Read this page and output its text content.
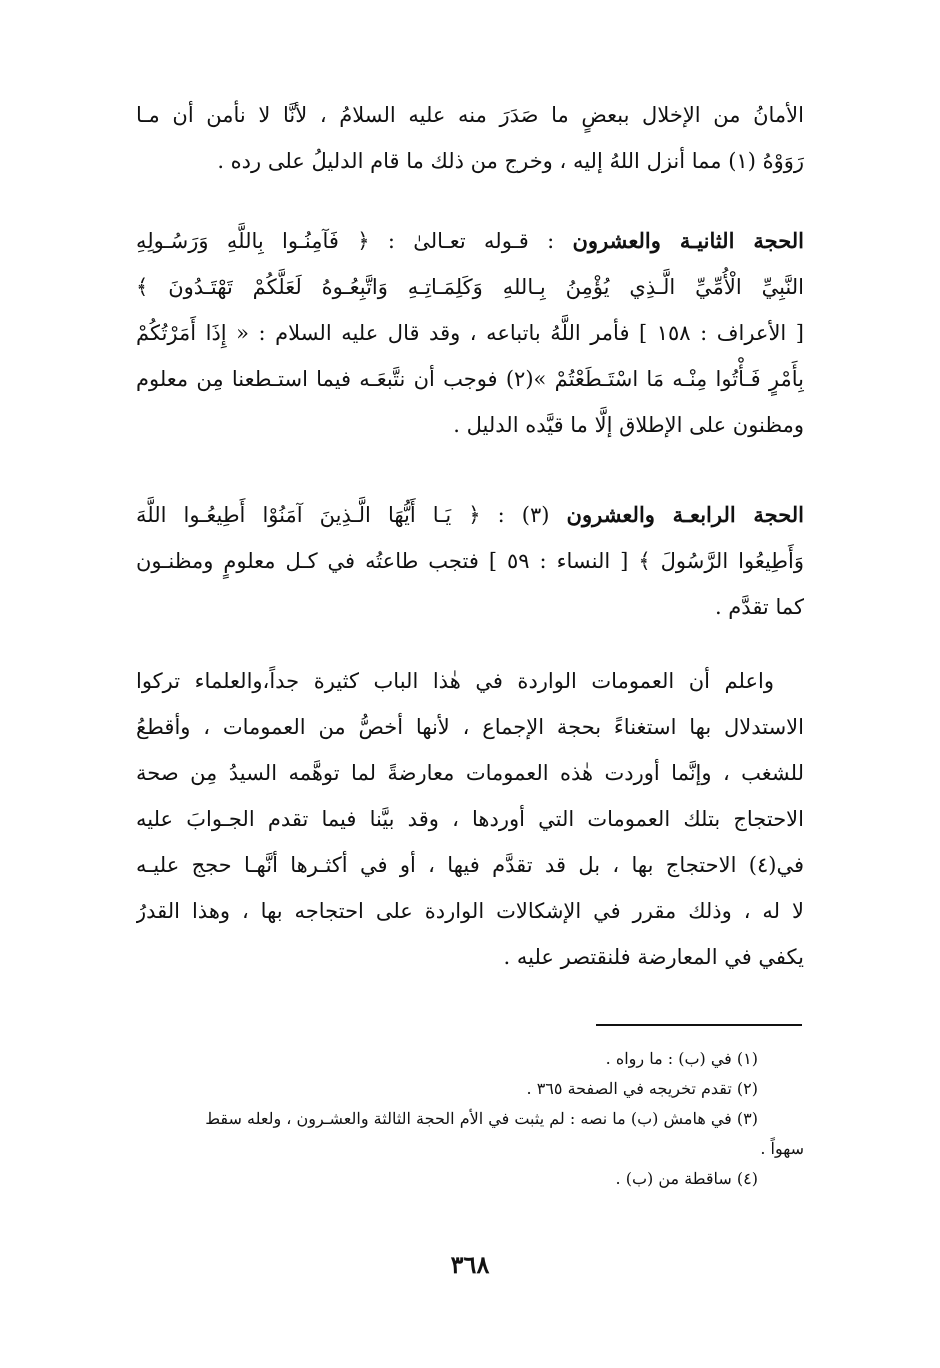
الأمانُ من الإخلال ببعضٍ ما صَدَرَ منه عليه السلامُ ، لأنَّا لا نأمن أن مـا
رَوَوْهُ (١) مما أنزل اللهُ إليه ، وخرج من ذلك ما قام الدليلُ على رده .
الحجة الثانيـة والعشرون : قـوله تعـالىٰ : ﴿ فَآمِنُـوا بِاللَّهِ وَرَسُـولِهِ
النَّبِيِّ الْأُمِّيِّ الَّـذِي يُؤْمِنُ بِـاللهِ وَكَلِمَـاتِـهِ وَاتَّبِعُـوهُ لَعَلَّكُمْ تَهْتَـدُونَ ﴾
[ الأعراف : ١٥٨ ] فأمر اللَّهُ باتباعه ، وقد قال عليه السلام : « إِذَا أَمَرْتُكُمْ
بِأَمْرٍ فَـأْتُوا مِنْـه مَا اسْتَـطَعْتُمْ »(٢) فوجب أن نتَّبعَـه فيما استـطعنا مِن معلوم
ومظنون على الإطلاق إلَّا ما قيَّده الدليل .
الحجة الرابعـة والعشرون (٣) : ﴿ يَـا أَيُّهَا الَّـذِينَ آمَنُوْا أَطِيعُـوا اللَّهَ
وَأَطِيعُوا الرَّسُولَ ﴾ [ النساء : ٥٩ ] فتجب طاعتُه في كـل معلومٍ ومظنـون
كما تقدَّم .
واعلم أن العمومات الواردة في هٰذا الباب كثيرة جداً،والعلماء تركوا
الاستدلال بها استغناءً بحجة الإجماع ، لأنها أخصُّ من العمومات ، وأقطعُ
للشغب ، وإنَّما أوردت هٰذه العمومات معارضةً لما توهَّمه السيدُ مِن صحة
الاحتجاج بتلك العمومات التي أوردها ، وقد بيَّنا فيما تقدم الجـوابَ عليه
في(٤) الاحتجاج بها ، بل قد تقدَّم فيها ، أو في أكثـرها أنَّهـا حجج عليـه
لا له ، وذلك مقرر في الإشكالات الواردة على احتجاجه بها ، وهذا القدرُ
يكفي في المعارضة فلنقتصر عليه .
(١) في (ب) : ما رواه .
(٢) تقدم تخريجه في الصفحة ٣٦٥ .
(٣) في هامش (ب) ما نصه : لم يثبت في الأم الحجة الثالثة والعشـرون ، ولعله سقط
سهواً .
(٤) ساقطة من (ب) .
٣٦٨
